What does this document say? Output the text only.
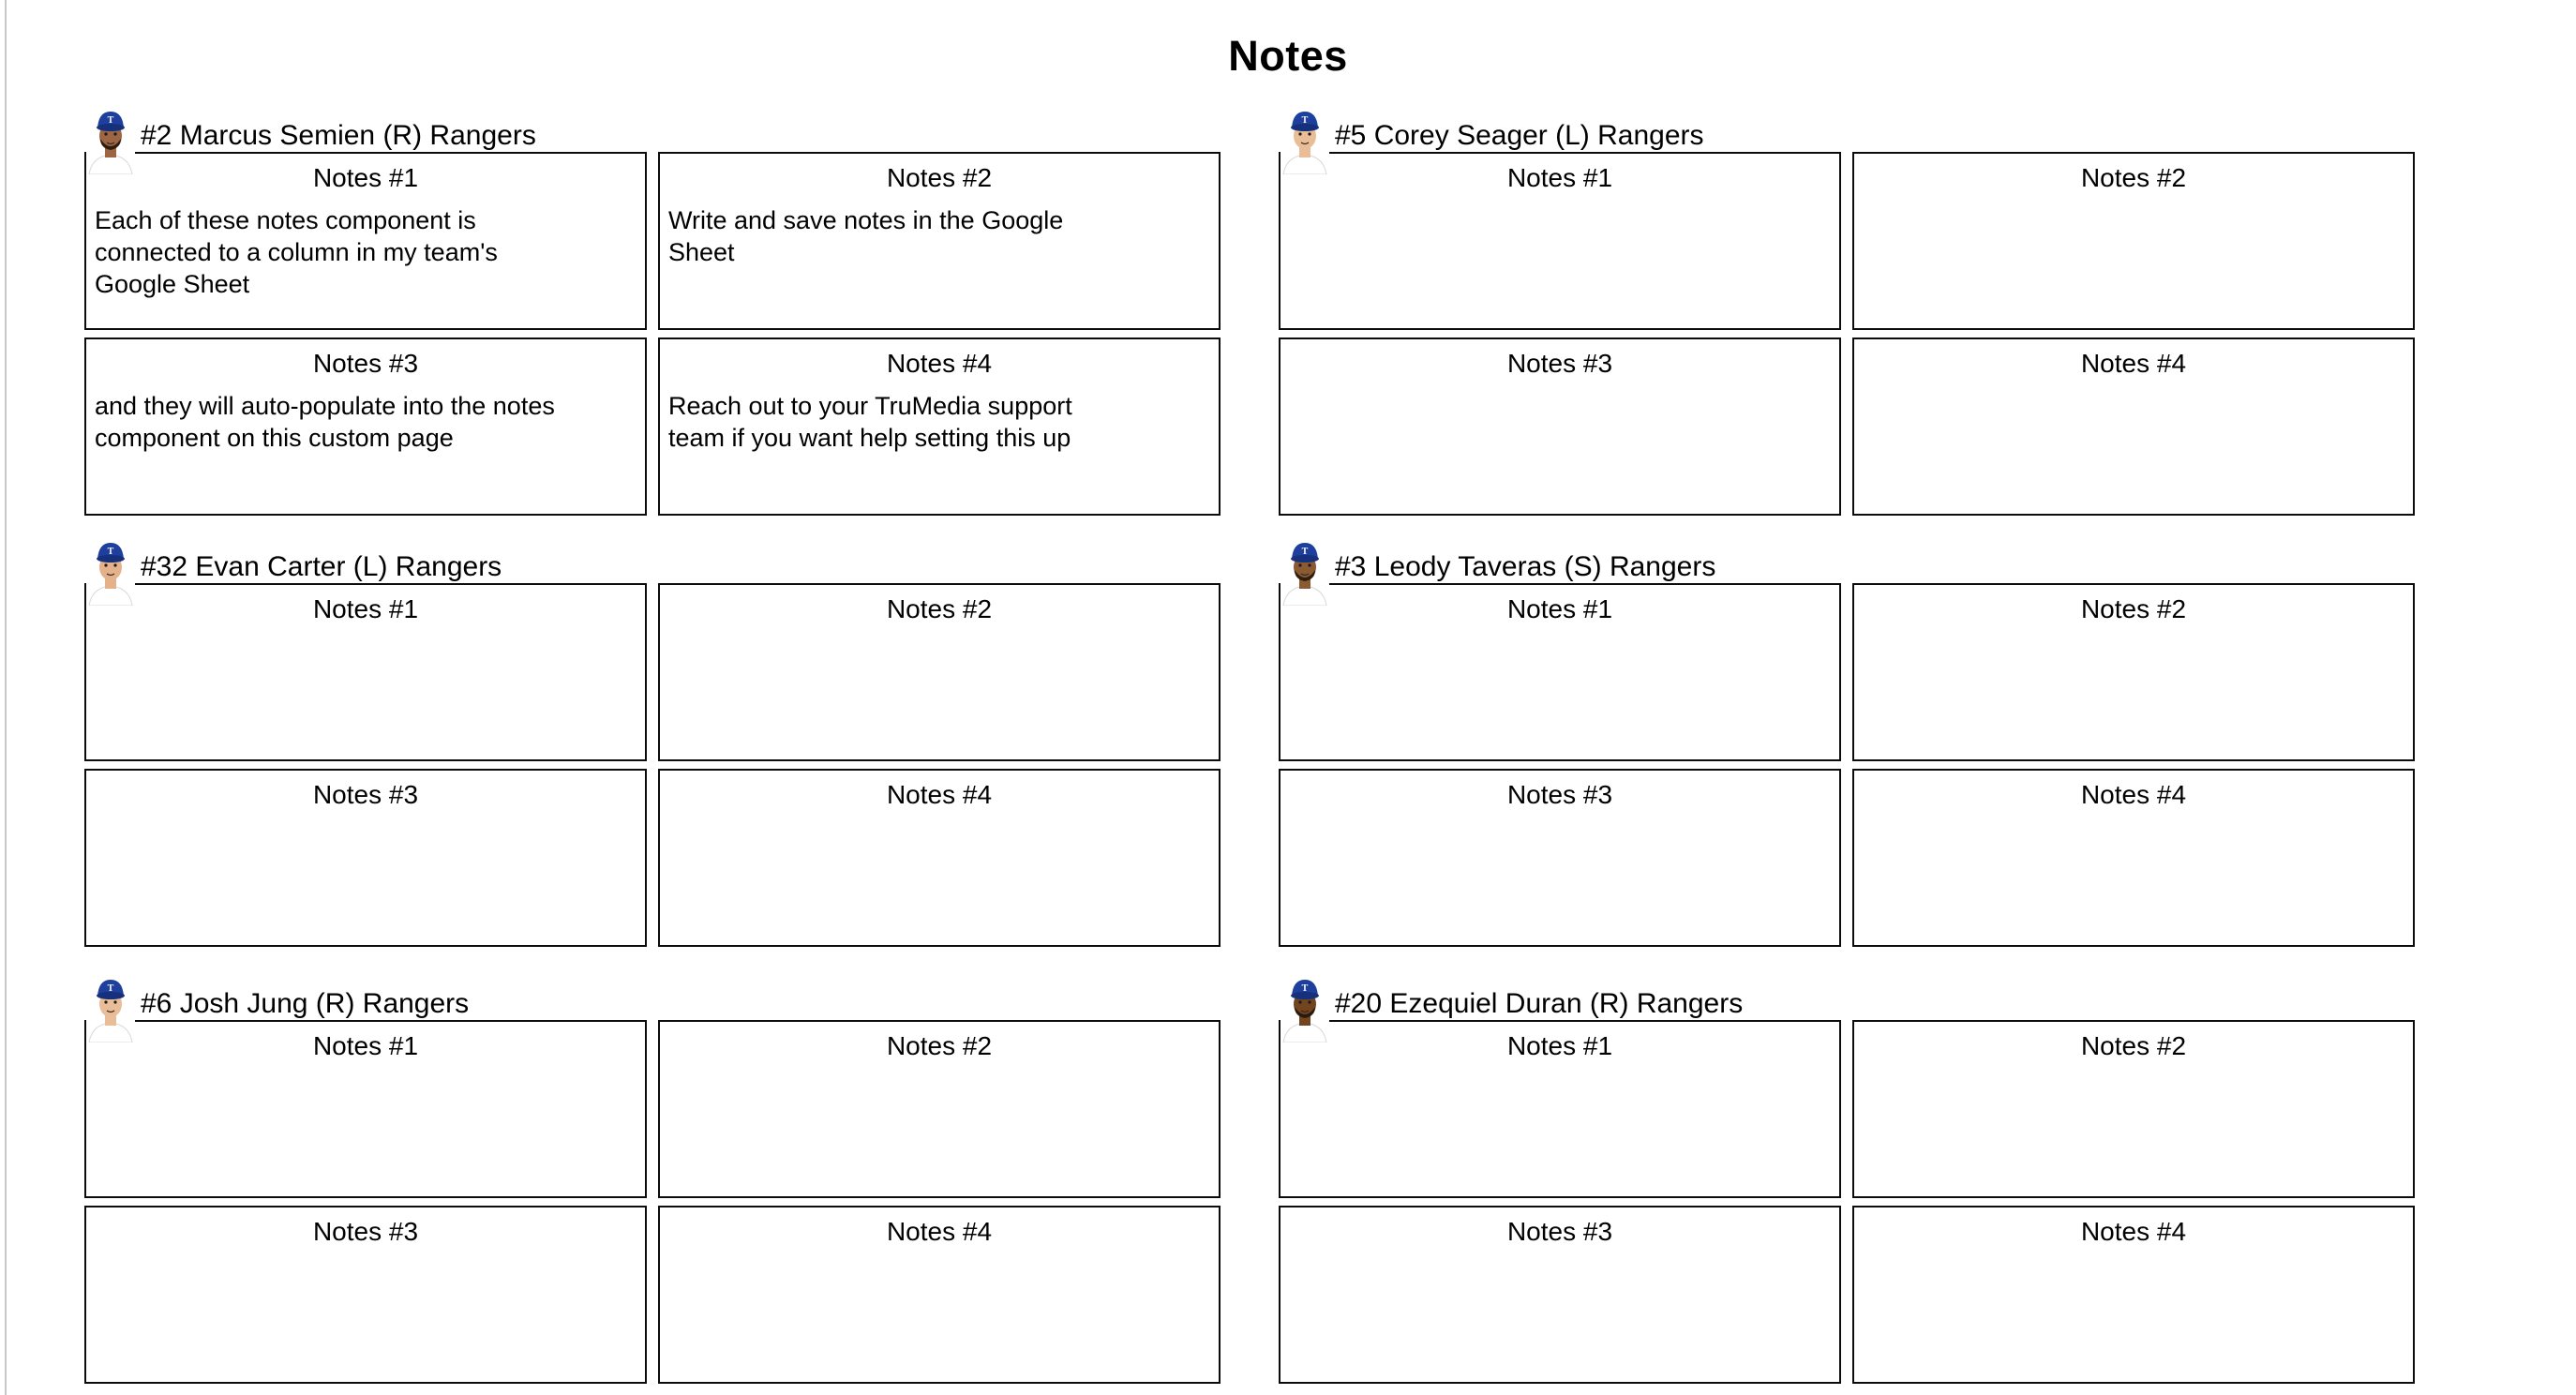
Notes
T #2 Marcus Semien (R) Rangers
Notes #1
Each of these notes component is connected to a column in my team's Google Sheet
Notes #2
Write and save notes in the Google Sheet
Notes #3
and they will auto-populate into the notes component on this custom page
Notes #4
Reach out to your TruMedia support team if you want help setting this up
T #5 Corey Seager (L) Rangers
Notes #1	Notes #2
Notes #3	Notes #4
T #32 Evan Carter (L) Rangers
Notes #1	Notes #2
Notes #3	Notes #4
T #3 Leody Taveras (S) Rangers
Notes #1	Notes #2
Notes #3	Notes #4
T #6 Josh Jung (R) Rangers
Notes #1	Notes #2
Notes #3	Notes #4
T #20 Ezequiel Duran (R) Rangers
Notes #1	Notes #2
Notes #3	Notes #4
